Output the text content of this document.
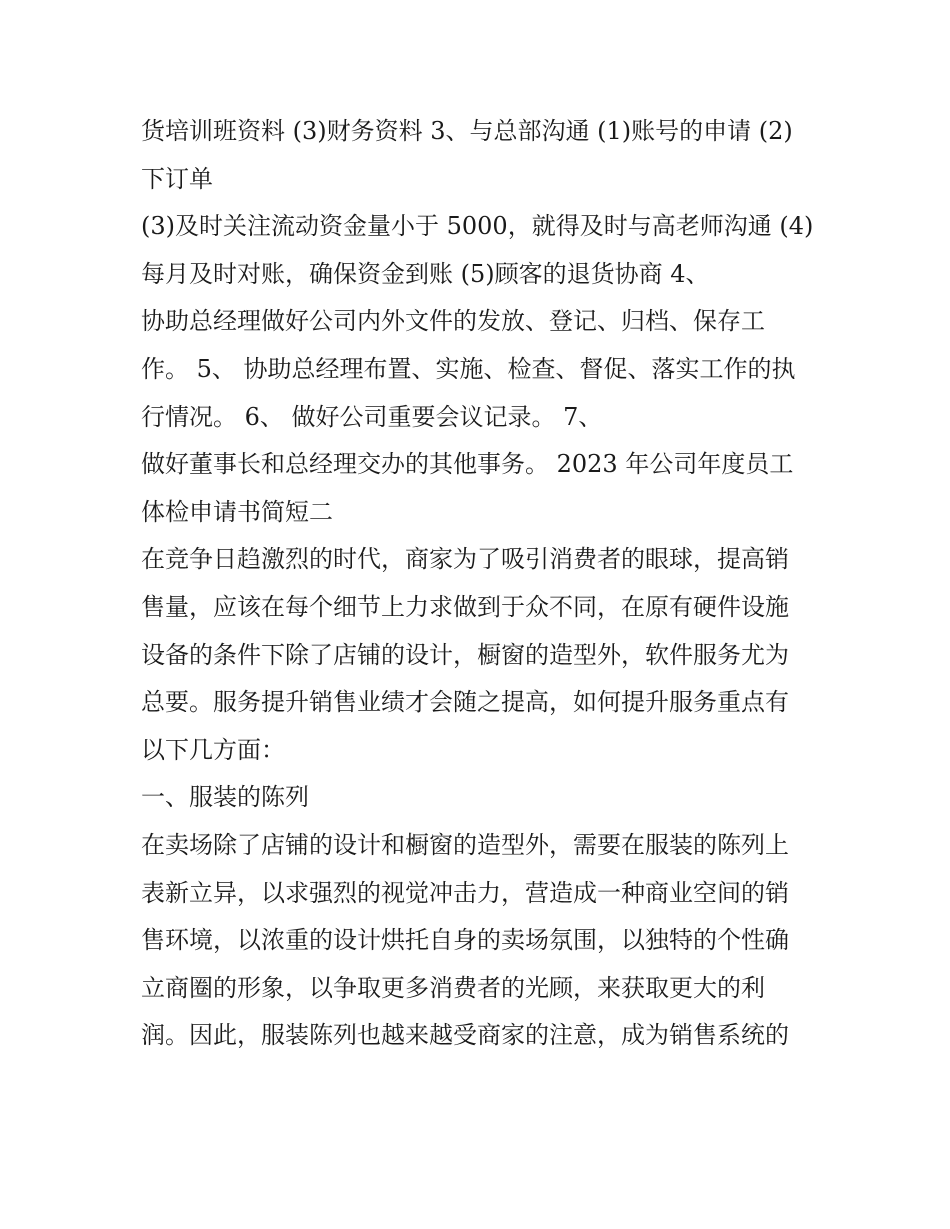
货培训班资料 (3)财务资料 3、与总部沟通 (1)账号的申请 (2)
下订单
(3)及时关注流动资金量小于 5000，就得及时与高老师沟通 (4)
每月及时对账，确保资金到账 (5)顾客的退货协商 4、
协助总经理做好公司内外文件的发放、登记、归档、保存工
作。 5、 协助总经理布置、实施、检查、督促、落实工作的执
行情况。 6、 做好公司重要会议记录。 7、
做好董事长和总经理交办的其他事务。 2023 年公司年度员工
体检申请书简短二
在竞争日趋激烈的时代，商家为了吸引消费者的眼球，提高销
售量，应该在每个细节上力求做到于众不同，在原有硬件设施
设备的条件下除了店铺的设计，橱窗的造型外，软件服务尤为
总要。服务提升销售业绩才会随之提高，如何提升服务重点有
以下几方面：
一、服装的陈列
在卖场除了店铺的设计和橱窗的造型外，需要在服装的陈列上
表新立异，以求强烈的视觉冲击力，营造成一种商业空间的销
售环境，以浓重的设计烘托自身的卖场氛围，以独特的个性确
立商圈的形象，以争取更多消费者的光顾，来获取更大的利
润。因此，服装陈列也越来越受商家的注意，成为销售系统的
